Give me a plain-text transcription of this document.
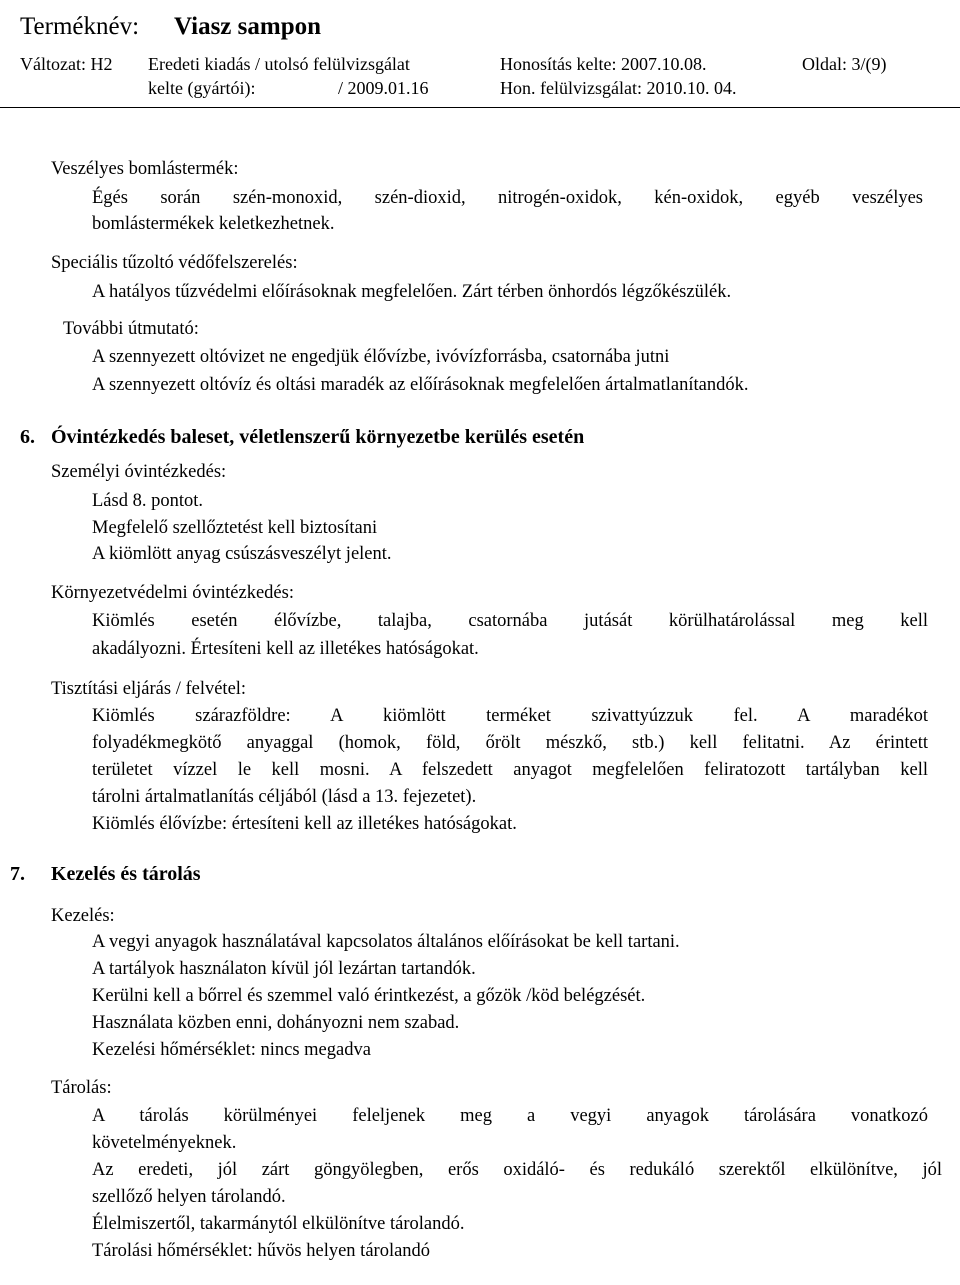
Terméknév: Viasz sampon
Változat: H2 Eredeti kiadás / utolsó felülvizsgálat
kelte (gyártói):	/ 2009.01.16
Honosítás kelte: 2007.10.08.
Hon. felülvizsgálat: 2010.10. 04.
Oldal: 3/(9)
Veszélyes bomlástermék:
Égés során szén-monoxid, szén-dioxid, nitrogén-oxidok, kén-oxidok, egyéb veszélyes
bomlástermékek keletkezhetnek.
Speciális tűzoltó védőfelszerelés:
A hatályos tűzvédelmi előírásoknak megfelelően. Zárt térben önhordós légzőkészülék.
További útmutató:
A szennyezett oltóvizet ne engedjük élővízbe, ivóvízforrásba, csatornába jutni
A szennyezett oltóvíz és oltási maradék az előírásoknak megfelelően ártalmatlanítandók.
6. Óvintézkedés baleset, véletlenszerű környezetbe kerülés esetén
Személyi óvintézkedés:
Lásd 8. pontot.
Megfelelő szellőztetést kell biztosítani
A kiömlött anyag csúszásveszélyt jelent.
Környezetvédelmi óvintézkedés:
Kiömlés esetén élővízbe, talajba, csatornába jutását körülhatárolással meg kell
akadályozni. Értesíteni kell az illetékes hatóságokat.
Tisztítási eljárás / felvétel:
Kiömlés szárazföldre: A kiömlött terméket szivattyúzzuk fel. A maradékot
folyadékmegkötő anyaggal (homok, föld, őrölt mészkő, stb.) kell felitatni. Az érintett
területet vízzel le kell mosni. A felszedett anyagot megfelelően feliratozott tartályban kell
tárolni ártalmatlanítás céljából (lásd a 13. fejezetet).
Kiömlés élővízbe: értesíteni kell az illetékes hatóságokat.
7. Kezelés és tárolás
Kezelés:
A vegyi anyagok használatával kapcsolatos általános előírásokat be kell tartani.
A tartályok használaton kívül jól lezártan tartandók.
Kerülni kell a bőrrel és szemmel való érintkezést, a gőzök /köd belégzését.
Használata közben enni, dohányozni nem szabad.
Kezelési hőmérséklet: nincs megadva
Tárolás:
A tárolás körülményei feleljenek meg a vegyi anyagok tárolására vonatkozó
követelményeknek.
Az eredeti, jól zárt göngyölegben, erős oxidáló- és redukáló szerektől elkülönítve, jól
szellőző helyen tárolandó.
Élelmiszertől, takarmánytól elkülönítve tárolandó.
Tárolási hőmérséklet: hűvös helyen tárolandó
